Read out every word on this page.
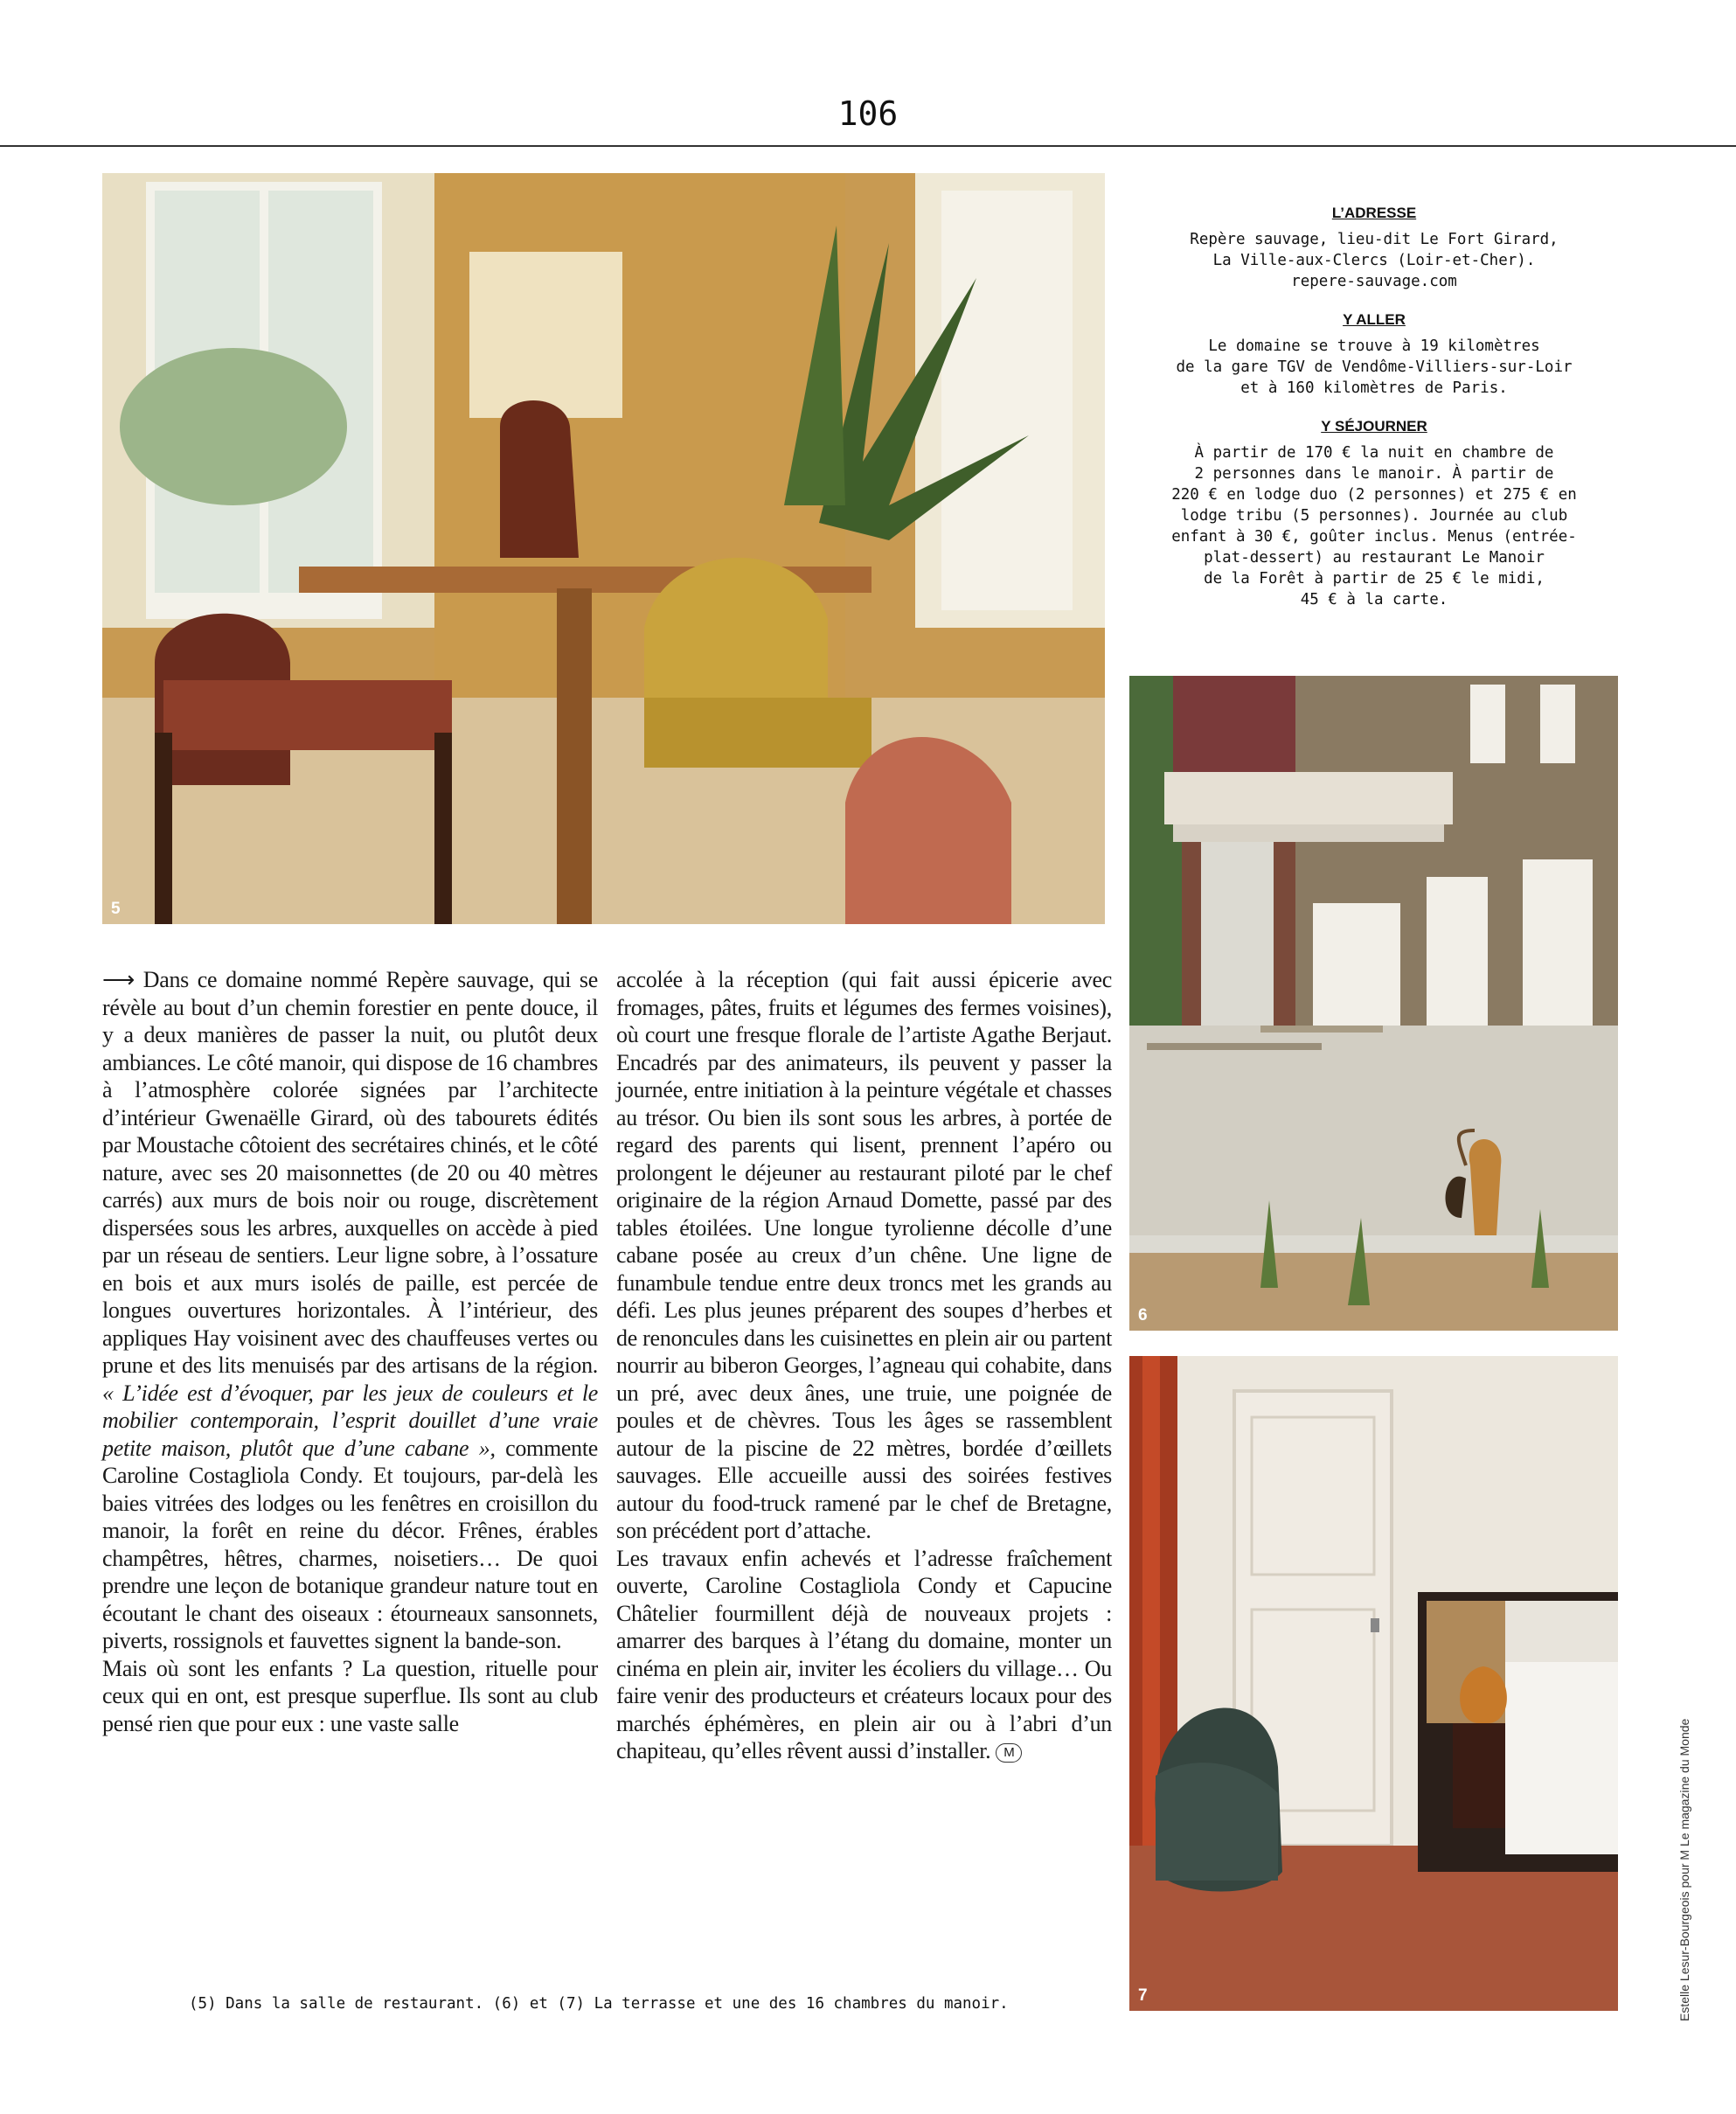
106
5
L’ADRESSE

Repère sauvage, lieu-dit Le Fort Girard,
La Ville-aux-Clercs (Loir-et-Cher).
repere-sauvage.com

Y ALLER

Le domaine se trouve à 19 kilomètres
de la gare TGV de Vendôme-Villiers-sur-Loir
et à 160 kilomètres de Paris.

Y SÉJOURNER

À partir de 170 € la nuit en chambre de
2 personnes dans le manoir. À partir de
220 € en lodge duo (2 personnes) et 275 € en
lodge tribu (5 personnes). Journée au club
enfant à 30 €, goûter inclus. Menus (entrée-
plat-dessert) au restaurant Le Manoir
de la Forêt à partir de 25 € le midi,
45 € à la carte.

6
7

⟶ Dans ce domaine nommé Repère sauvage, qui se révèle au bout d’un chemin forestier en pente douce, il y a deux manières de passer la nuit, ou plutôt deux ambiances. Le côté manoir, qui dispose de 16 chambres à l’atmosphère colorée signées par l’architecte d’intérieur Gwenaëlle Girard, où des tabourets édités par Moustache côtoient des secrétaires chinés, et le côté nature, avec ses 20 maisonnettes (de 20 ou 40 mètres carrés) aux murs de bois noir ou rouge, discrètement dispersées sous les arbres, auxquelles on accède à pied par un réseau de sentiers. Leur ligne sobre, à l’ossature en bois et aux murs isolés de paille, est percée de longues ouvertures horizontales. À l’intérieur, des appliques Hay voisinent avec des chauffeuses vertes ou prune et des lits menuisés par des artisans de la région. « L’idée est d’évoquer, par les jeux de couleurs et le mobilier contemporain, l’esprit douillet d’une vraie petite maison, plutôt que d’une cabane », commente Caroline Costagliola Condy. Et toujours, par-delà les baies vitrées des lodges ou les fenêtres en croisillon du manoir, la forêt en reine du décor. Frênes, érables champêtres, hêtres, charmes, noisetiers… De quoi prendre une leçon de botanique grandeur nature tout en écoutant le chant des oiseaux : étourneaux sansonnets, piverts, rossignols et fauvettes signent la bande-son.

Mais où sont les enfants ? La question, rituelle pour ceux qui en ont, est presque superflue. Ils sont au club pensé rien que pour eux : une vaste salle

accolée à la réception (qui fait aussi épicerie avec fromages, pâtes, fruits et légumes des fermes voisines), où court une fresque florale de l’artiste Agathe Berjaut. Encadrés par des animateurs, ils peuvent y passer la journée, entre initiation à la peinture végétale et chasses au trésor. Ou bien ils sont sous les arbres, à portée de regard des parents qui lisent, prennent l’apéro ou prolongent le déjeuner au restaurant piloté par le chef originaire de la région Arnaud Domette, passé par des tables étoilées. Une longue tyrolienne décolle d’une cabane posée au creux d’un chêne. Une ligne de funambule tendue entre deux troncs met les grands au défi. Les plus jeunes préparent des soupes d’herbes et de renoncules dans les cuisinettes en plein air ou partent nourrir au biberon Georges, l’agneau qui cohabite, dans un pré, avec deux ânes, une truie, une poignée de poules et de chèvres. Tous les âges se rassemblent autour de la piscine de 22 mètres, bordée d’œillets sauvages. Elle accueille aussi des soirées festives autour du food-truck ramené par le chef de Bretagne, son précédent port d’attache.

Les travaux enfin achevés et l’adresse fraîchement ouverte, Caroline Costagliola Condy et Capucine Châtelier fourmillent déjà de nouveaux projets : amarrer des barques à l’étang du domaine, monter un cinéma en plein air, inviter les écoliers du village… Ou faire venir des producteurs et créateurs locaux pour des marchés éphémères, en plein air ou à l’abri d’un chapiteau, qu’elles rêvent aussi d’installer. M

(5) Dans la salle de restaurant. (6) et (7) La terrasse et une des 16 chambres du manoir.	Estelle Lesur-Bourgeois pour M Le magazine du Monde
